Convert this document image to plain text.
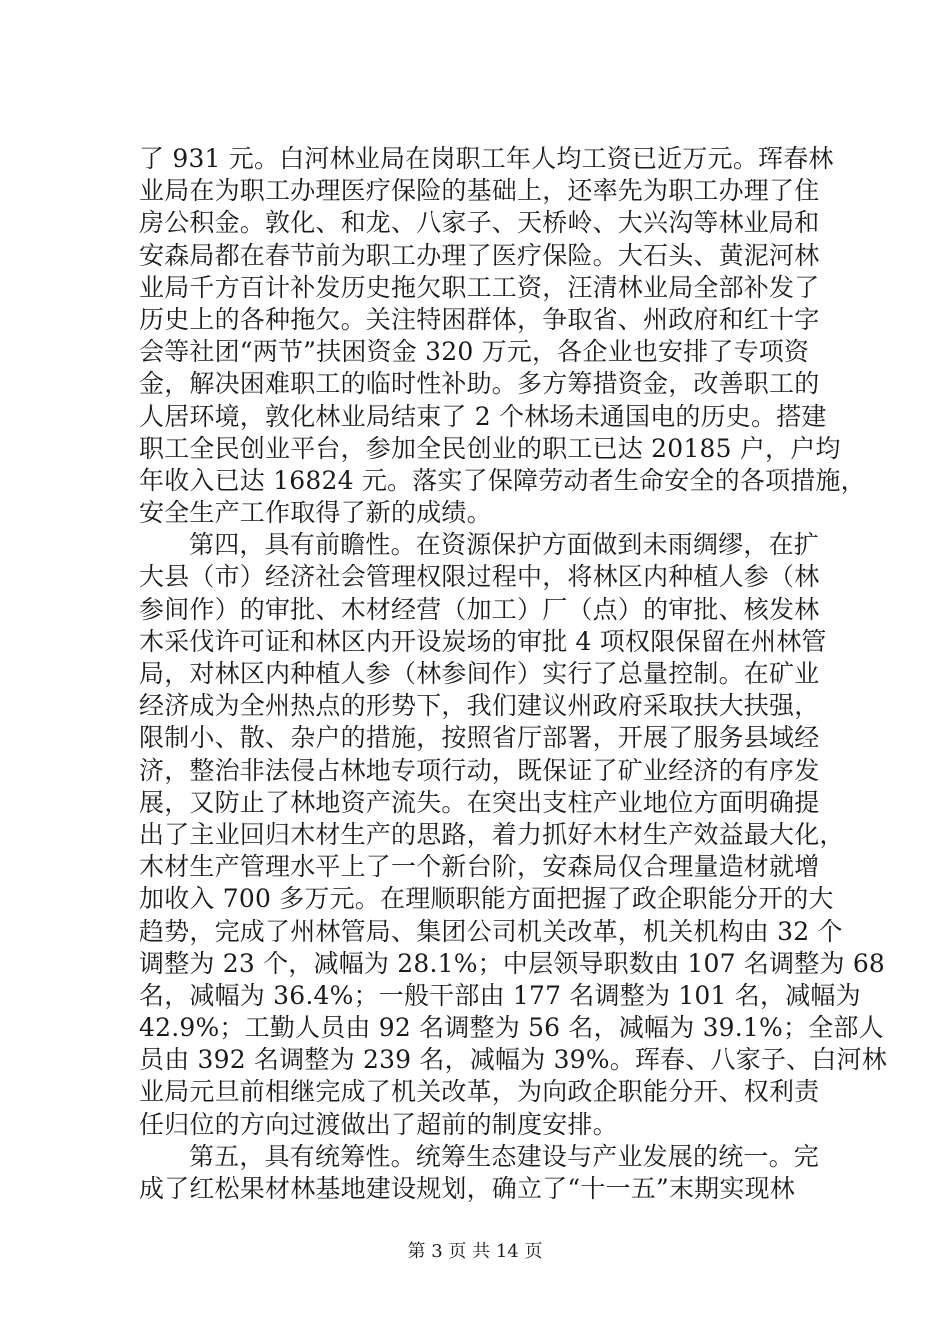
了 931 元。白河林业局在岗职工年人均工资已近万元。珲春林
业局在为职工办理医疗保险的基础上，还率先为职工办理了住
房公积金。敦化、和龙、八家子、天桥岭、大兴沟等林业局和
安森局都在春节前为职工办理了医疗保险。大石头、黄泥河林
业局千方百计补发历史拖欠职工工资，汪清林业局全部补发了
历史上的各种拖欠。关注特困群体，争取省、州政府和红十字
会等社团“两节”扶困资金 320 万元，各企业也安排了专项资
金，解决困难职工的临时性补助。多方筹措资金，改善职工的
人居环境，敦化林业局结束了 2 个林场未通国电的历史。搭建
职工全民创业平台，参加全民创业的职工已达 20185 户，户均
年收入已达 16824 元。落实了保障劳动者生命安全的各项措施，
安全生产工作取得了新的成绩。
第四，具有前瞻性。在资源保护方面做到未雨绸缪，在扩
大县（市）经济社会管理权限过程中，将林区内种植人参（林
参间作）的审批、木材经营（加工）厂（点）的审批、核发林
木采伐许可证和林区内开设炭场的审批 4 项权限保留在州林管
局，对林区内种植人参（林参间作）实行了总量控制。在矿业
经济成为全州热点的形势下，我们建议州政府采取扶大扶强，
限制小、散、杂户的措施，按照省厅部署，开展了服务县域经
济，整治非法侵占林地专项行动，既保证了矿业经济的有序发
展，又防止了林地资产流失。在突出支柱产业地位方面明确提
出了主业回归木材生产的思路，着力抓好木材生产效益最大化，
木材生产管理水平上了一个新台阶，安森局仅合理量造材就增
加收入 700 多万元。在理顺职能方面把握了政企职能分开的大
趋势，完成了州林管局、集团公司机关改革，机关机构由 32 个
调整为 23 个，减幅为 28.1%；中层领导职数由 107 名调整为 68
名，减幅为 36.4%；一般干部由 177 名调整为 101 名，减幅为
42.9%；工勤人员由 92 名调整为 56 名，减幅为 39.1%；全部人
员由 392 名调整为 239 名，减幅为 39%。珲春、八家子、白河林
业局元旦前相继完成了机关改革，为向政企职能分开、权利责
任归位的方向过渡做出了超前的制度安排。
第五，具有统筹性。统筹生态建设与产业发展的统一。完
成了红松果材林基地建设规划，确立了“十一五”末期实现林
第 3 页 共 14 页
